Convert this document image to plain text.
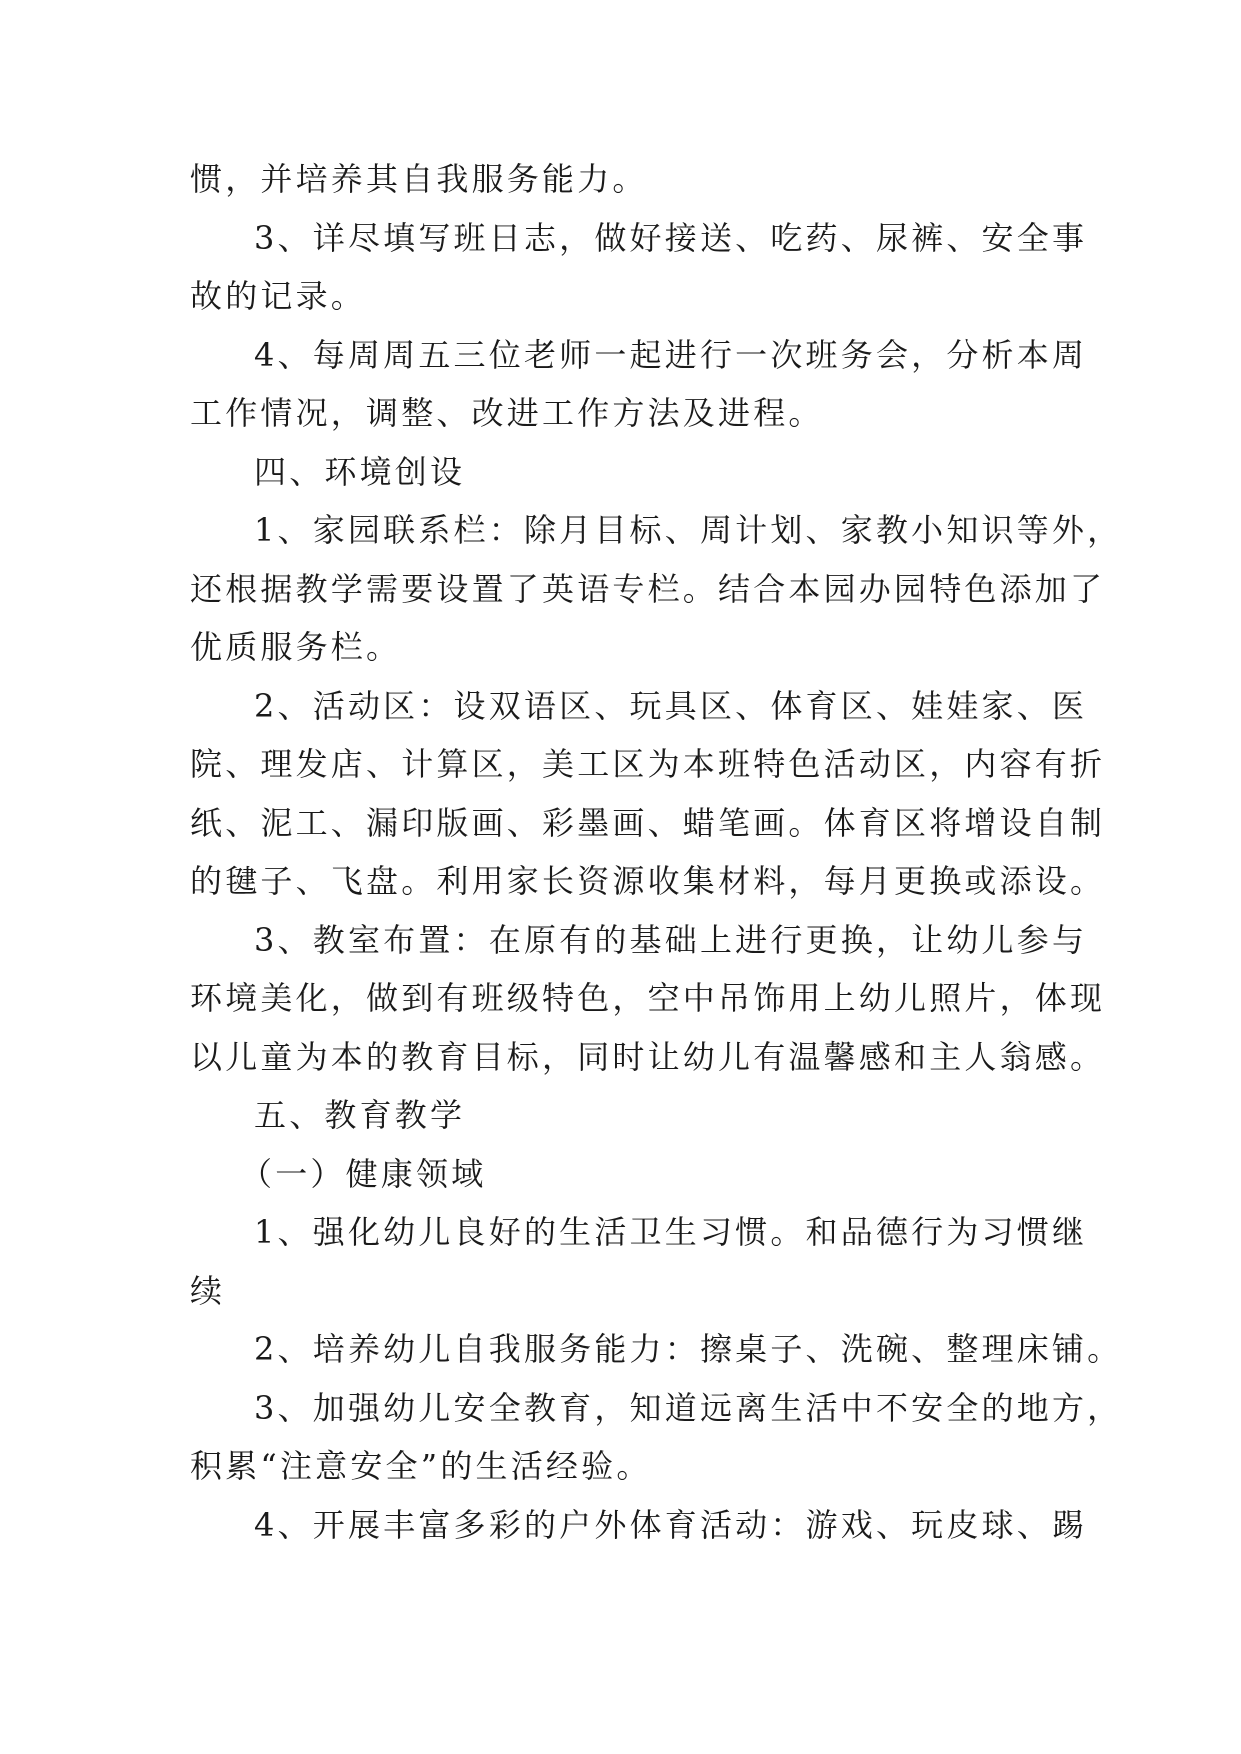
惯，并培养其自我服务能力。
3、详尽填写班日志，做好接送、吃药、尿裤、安全事
故的记录。
4、每周周五三位老师一起进行一次班务会，分析本周
工作情况，调整、改进工作方法及进程。
四、环境创设
1、家园联系栏：除月目标、周计划、家教小知识等外，
还根据教学需要设置了英语专栏。结合本园办园特色添加了
优质服务栏。
2、活动区：设双语区、玩具区、体育区、娃娃家、医
院、理发店、计算区，美工区为本班特色活动区，内容有折
纸、泥工、漏印版画、彩墨画、蜡笔画。体育区将增设自制
的毽子、飞盘。利用家长资源收集材料，每月更换或添设。
3、教室布置：在原有的基础上进行更换，让幼儿参与
环境美化，做到有班级特色，空中吊饰用上幼儿照片，体现
以儿童为本的教育目标，同时让幼儿有温馨感和主人翁感。
五、教育教学
（一）健康领域
1、强化幼儿良好的生活卫生习惯。和品德行为习惯继
续
2、培养幼儿自我服务能力：擦桌子、洗碗、整理床铺。
3、加强幼儿安全教育，知道远离生活中不安全的地方，
积累“注意安全”的生活经验。
4、开展丰富多彩的户外体育活动：游戏、玩皮球、踢
